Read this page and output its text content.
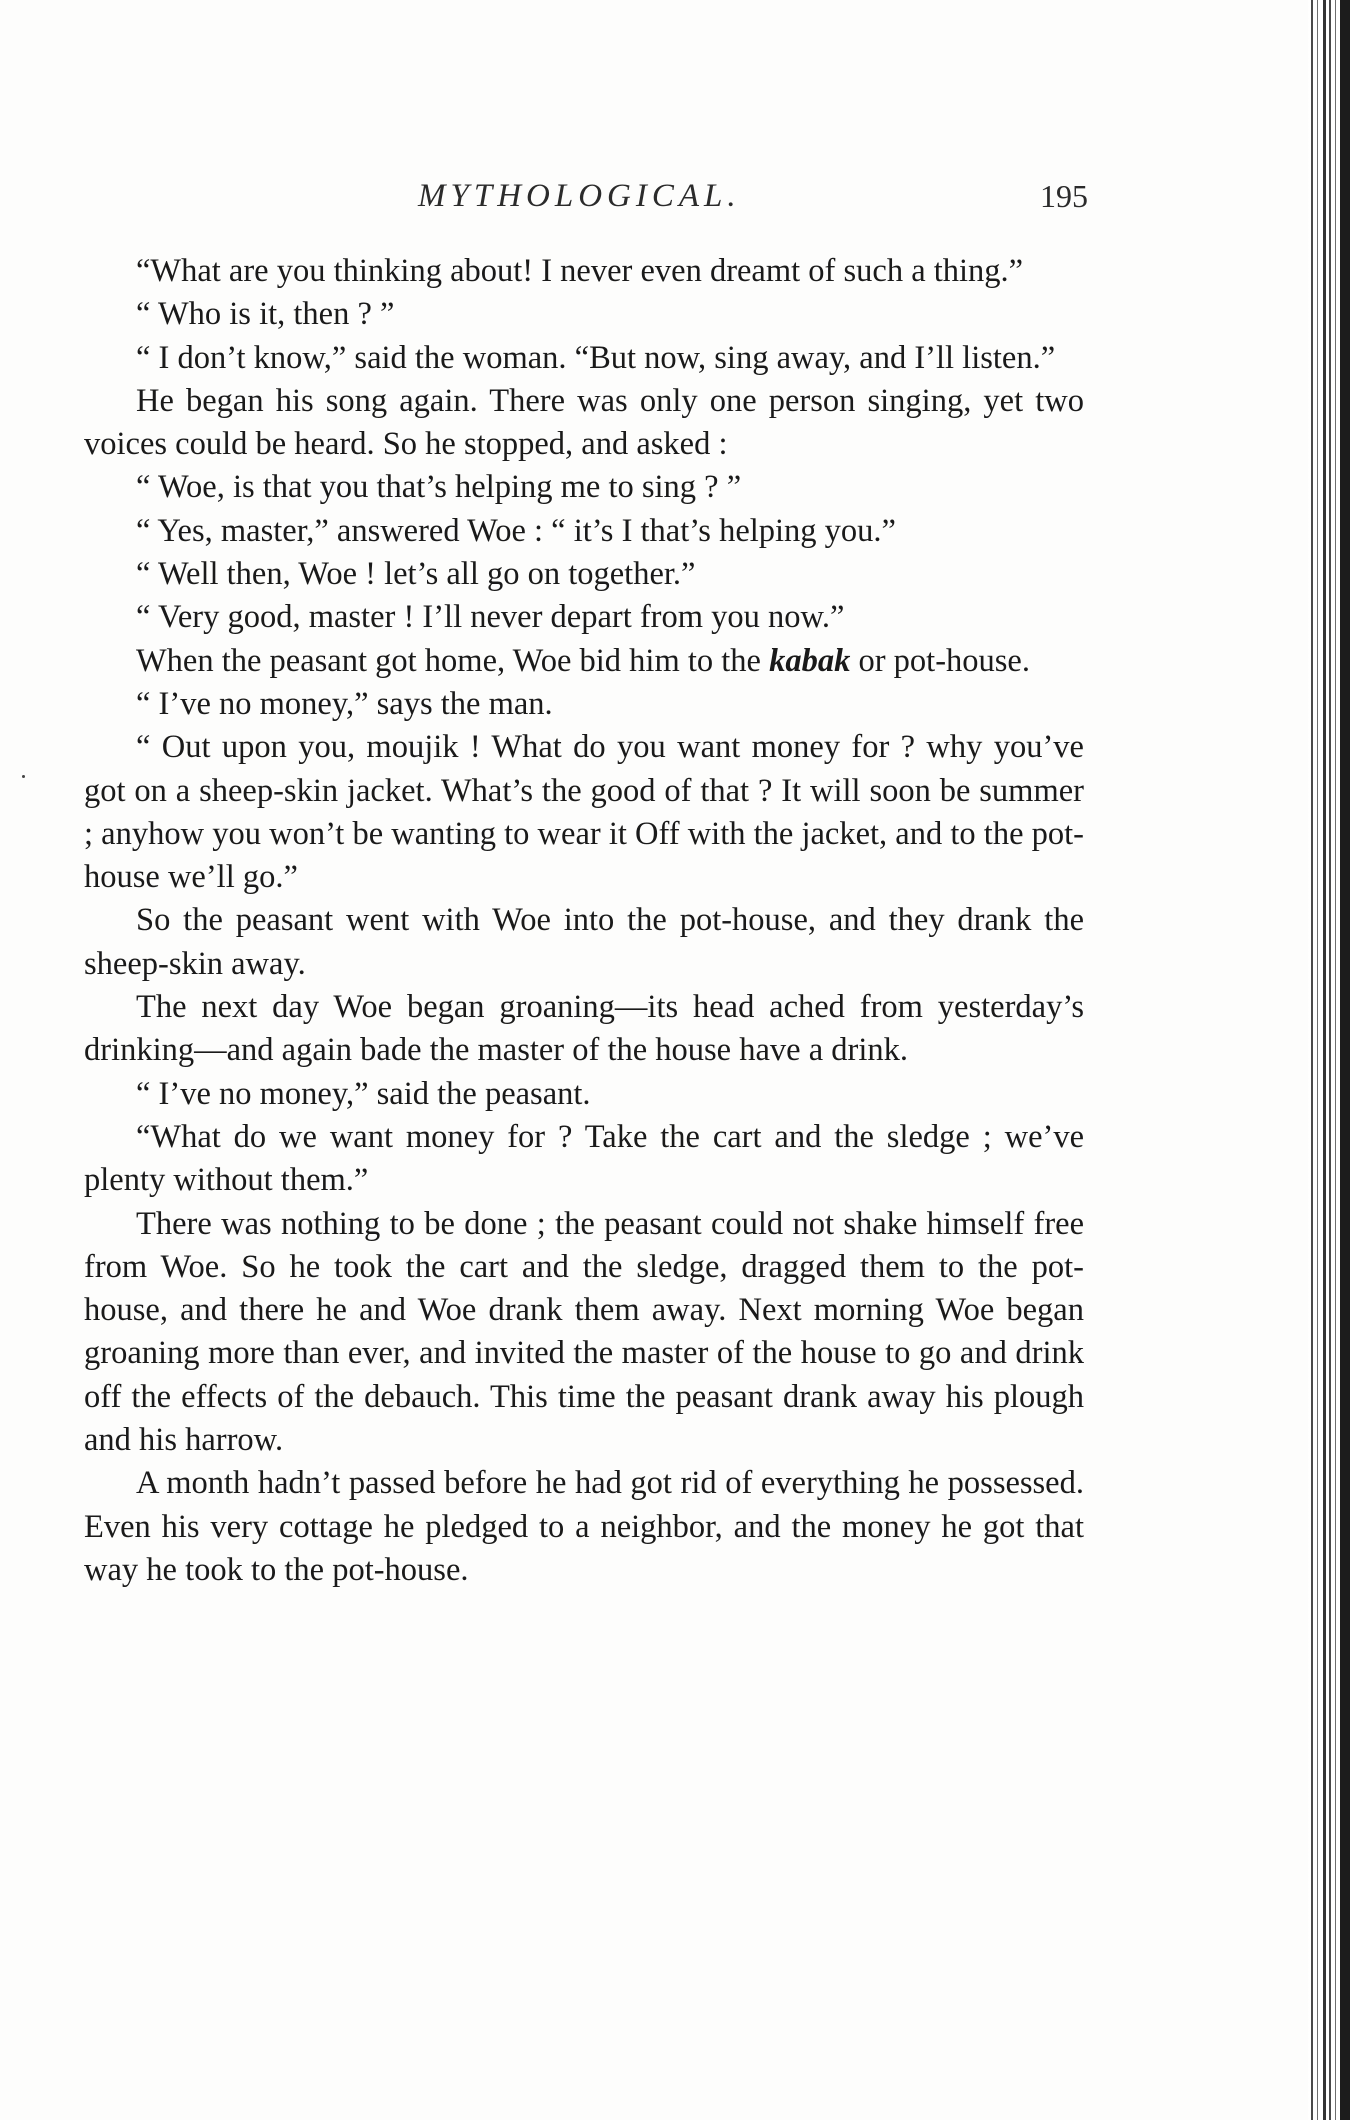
MYTHOLOGICAL.	195

“What are you thinking about! I never even dreamt of such a thing.”

“ Who is it, then ? ”

“ I don’t know,” said the woman. “But now, sing away, and I’ll listen.”

He began his song again. There was only one person singing, yet two voices could be heard. So he stopped, and asked :

“ Woe, is that you that’s helping me to sing ? ”

“ Yes, master,” answered Woe : “ it’s I that’s helping you.”

“ Well then, Woe ! let’s all go on together.”

“ Very good, master ! I’ll never depart from you now.”

When the peasant got home, Woe bid him to the kabak or pot-house.

“ I’ve no money,” says the man.

“ Out upon you, moujik ! What do you want money for ? why you’ve got on a sheep-skin jacket. What’s the good of that ? It will soon be summer ; anyhow you won’t be wanting to wear it Off with the jacket, and to the pot-house we’ll go.”

So the peasant went with Woe into the pot-house, and they drank the sheep-skin away.

The next day Woe began groaning—its head ached from yesterday’s drinking—and again bade the master of the house have a drink.

“ I’ve no money,” said the peasant.

“What do we want money for ? Take the cart and the sledge ; we’ve plenty without them.”

There was nothing to be done ; the peasant could not shake himself free from Woe. So he took the cart and the sledge, dragged them to the pot-house, and there he and Woe drank them away. Next morning Woe began groaning more than ever, and invited the master of the house to go and drink off the effects of the debauch. This time the peasant drank away his plough and his harrow.

A month hadn’t passed before he had got rid of everything he possessed. Even his very cottage he pledged to a neighbor, and the money he got that way he took to the pot-house.
